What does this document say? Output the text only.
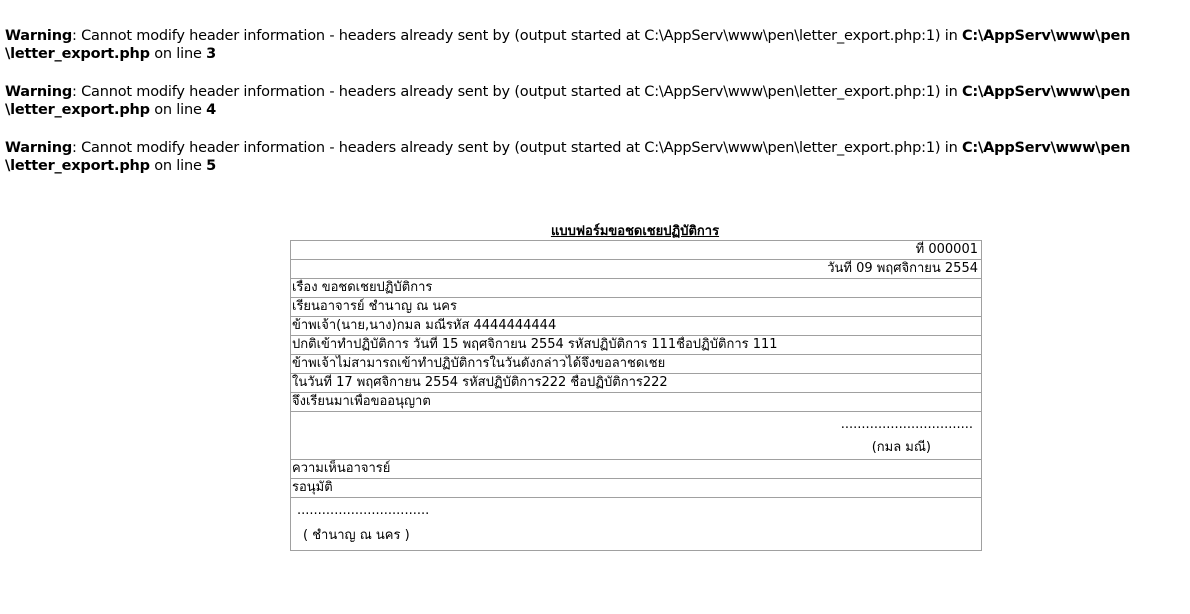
Warning: Cannot modify header information - headers already sent by (output started at C:\AppServ\www\pen\letter_export.php:1) in C:\AppServ\www\pen
\letter_export.php on line 3
Warning: Cannot modify header information - headers already sent by (output started at C:\AppServ\www\pen\letter_export.php:1) in C:\AppServ\www\pen
\letter_export.php on line 4
Warning: Cannot modify header information - headers already sent by (output started at C:\AppServ\www\pen\letter_export.php:1) in C:\AppServ\www\pen
\letter_export.php on line 5
แบบฟอร์มขอชดเชยปฏิบัติการ
ที่ 000001
วันที่ 09 พฤศจิกายน 2554
เรื่อง ขอชดเชยปฏิบัติการ
เรียนอาจารย์ ชำนาญ ณ นคร
ข้าพเจ้า(นาย,นาง)กมล มณีรหัส 4444444444
ปกติเข้าทำปฏิบัติการ วันที่ 15 พฤศจิกายน 2554 รหัสปฏิบัติการ 111ชื่อปฏิบัติการ 111
ข้าพเจ้าไม่สามารถเข้าทำปฏิบัติการในวันดังกล่าวได้จึงขอลาชดเชย
ในวันที่ 17 พฤศจิกายน 2554 รหัสปฏิบัติการ222 ชื่อปฏิบัติการ222
จึงเรียนมาเพื่อขออนุญาต
................................
(กมล มณี)
ความเห็นอาจารย์
รอนุมัติ
................................
( ชำนาญ ณ นคร )
